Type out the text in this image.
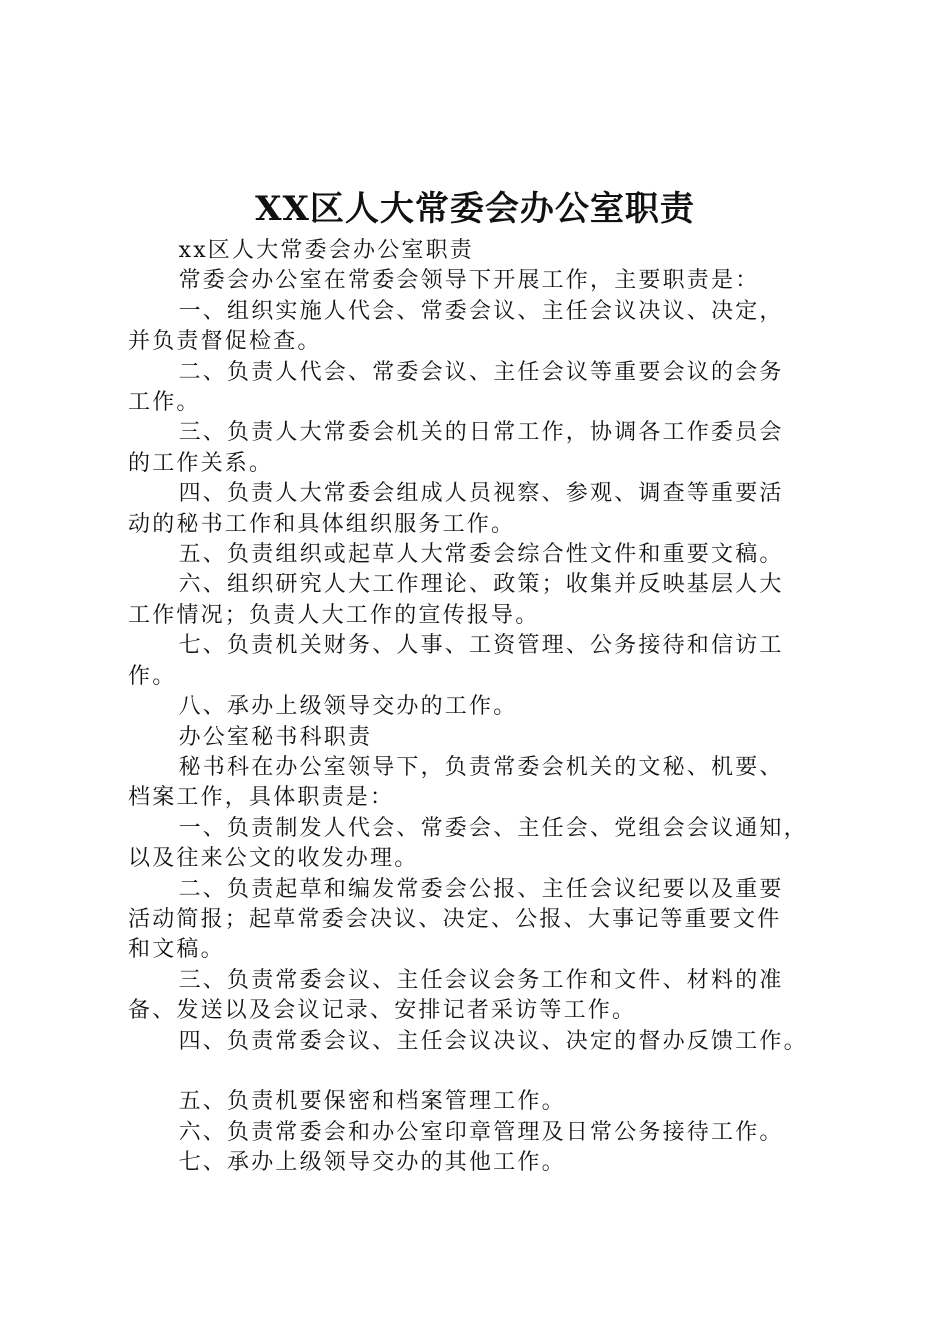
XX区人大常委会办公室职责

xx区人大常委会办公室职责

常委会办公室在常委会领导下开展工作，主要职责是：

一、组织实施人代会、常委会议、主任会议决议、决定，
并负责督促检查。

二、负责人代会、常委会议、主任会议等重要会议的会务
工作。

三、负责人大常委会机关的日常工作，协调各工作委员会
的工作关系。

四、负责人大常委会组成人员视察、参观、调查等重要活
动的秘书工作和具体组织服务工作。

五、负责组织或起草人大常委会综合性文件和重要文稿。

六、组织研究人大工作理论、政策；收集并反映基层人大
工作情况；负责人大工作的宣传报导。

七、负责机关财务、人事、工资管理、公务接待和信访工
作。

八、承办上级领导交办的工作。

办公室秘书科职责

秘书科在办公室领导下，负责常委会机关的文秘、机要、
档案工作，具体职责是：

一、负责制发人代会、常委会、主任会、党组会会议通知，
以及往来公文的收发办理。

二、负责起草和编发常委会公报、主任会议纪要以及重要
活动简报；起草常委会决议、决定、公报、大事记等重要文件
和文稿。

三、负责常委会议、主任会议会务工作和文件、材料的准
备、发送以及会议记录、安排记者采访等工作。

四、负责常委会议、主任会议决议、决定的督办反馈工作。

五、负责机要保密和档案管理工作。

六、负责常委会和办公室印章管理及日常公务接待工作。

七、承办上级领导交办的其他工作。
